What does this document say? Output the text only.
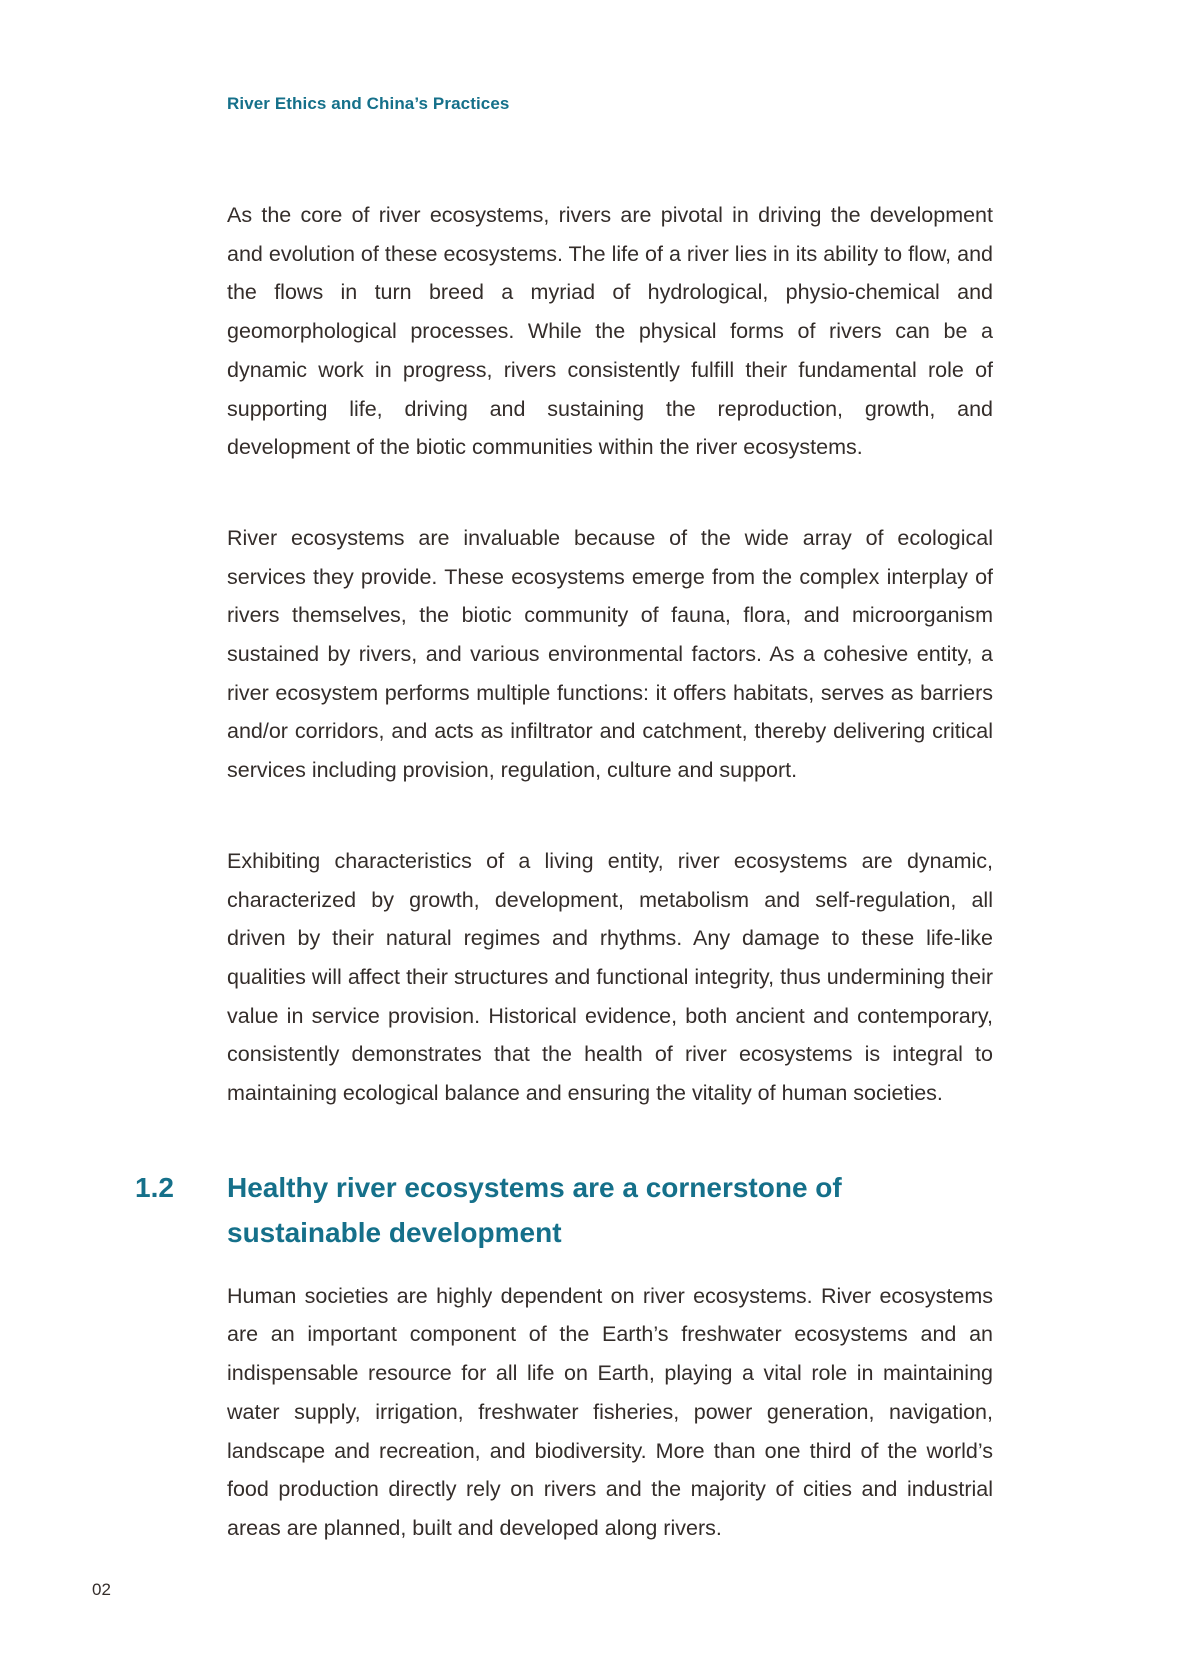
River Ethics and China’s Practices

As the core of river ecosystems, rivers are pivotal in driving the development and evolution of these ecosystems. The life of a river lies in its ability to flow, and the flows in turn breed a myriad of hydrological, physio-chemical and geomorphological processes. While the physical forms of rivers can be a dynamic work in progress, rivers consistently fulfill their fundamental role of supporting life, driving and sustaining the reproduction, growth, and development of the biotic communities within the river ecosystems.

River ecosystems are invaluable because of the wide array of ecological services they provide. These ecosystems emerge from the complex interplay of rivers themselves, the biotic community of fauna, flora, and microorganism sustained by rivers, and various environmental factors. As a cohesive entity, a river ecosystem performs multiple functions: it offers habitats, serves as barriers and/or corridors, and acts as infiltrator and catchment, thereby delivering critical services including provision, regulation, culture and support.

Exhibiting characteristics of a living entity, river ecosystems are dynamic, characterized by growth, development, metabolism and self-regulation, all driven by their natural regimes and rhythms. Any damage to these life-like qualities will affect their structures and functional integrity, thus undermining their value in service provision. Historical evidence, both ancient and contemporary, consistently demonstrates that the health of river ecosystems is integral to maintaining ecological balance and ensuring the vitality of human societies.

1.2	Healthy river ecosystems are a cornerstone of sustainable development

Human societies are highly dependent on river ecosystems. River ecosystems are an important component of the Earth’s freshwater ecosystems and an indispensable resource for all life on Earth, playing a vital role in maintaining water supply, irrigation, freshwater fisheries, power generation, navigation, landscape and recreation, and biodiversity. More than one third of the world’s food production directly rely on rivers and the majority of cities and industrial areas are planned, built and developed along rivers.

02
